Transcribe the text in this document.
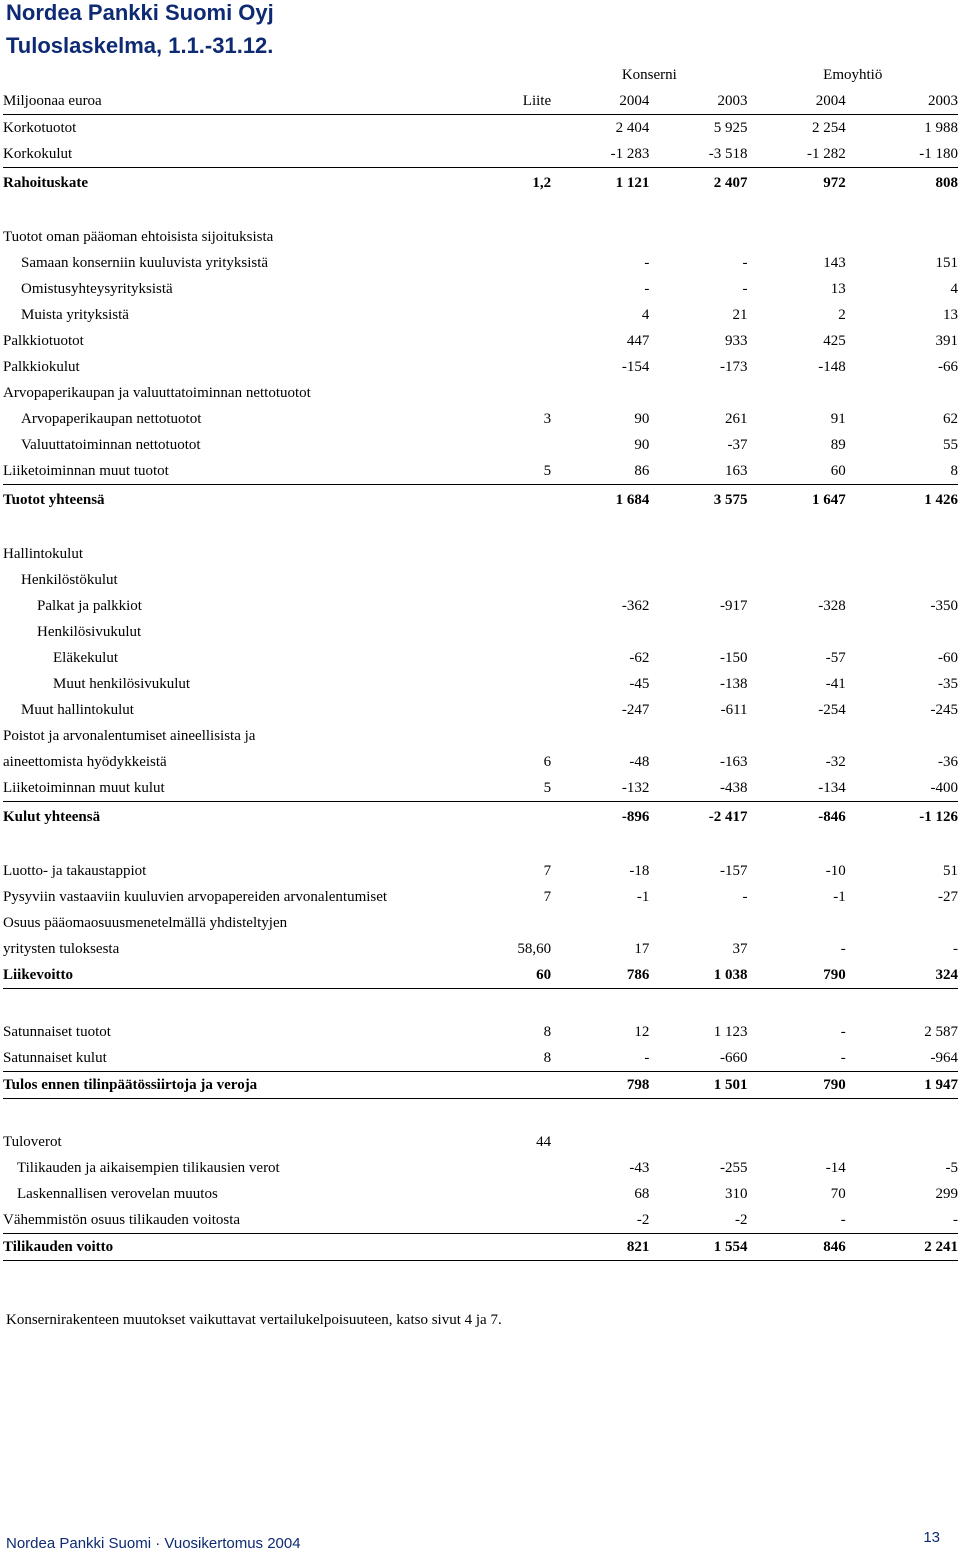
Nordea Pankki Suomi Oyj
Tuloslaskelma, 1.1.-31.12.
		Konserni		Emoyhtiö	
Miljoonaa euroa	Liite	2004	2003	2004	2003
Korkotuotot		2 404	5 925	2 254	1 988
Korkokulut		-1 283	-3 518	-1 282	-1 180
Rahoituskate	1,2	1 121	2 407	972	808

Tuotot oman pääoman ehtoisista sijoituksista					
Samaan konserniin kuuluvista yrityksistä		-	-	143	151
Omistusyhteysyrityksistä		-	-	13	4
Muista yrityksistä		4	21	2	13
Palkkiotuotot		447	933	425	391
Palkkiokulut		-154	-173	-148	-66
Arvopaperikaupan ja valuuttatoiminnan nettotuotot					
Arvopaperikaupan nettotuotot	3	90	261	91	62
Valuuttatoiminnan nettotuotot		90	-37	89	55
Liiketoiminnan muut tuotot	5	86	163	60	8
Tuotot yhteensä		1 684	3 575	1 647	1 426

Hallintokulut					
Henkilöstökulut					
Palkat ja palkkiot		-362	-917	-328	-350
Henkilösivukulut					
Eläkekulut		-62	-150	-57	-60
Muut henkilösivukulut		-45	-138	-41	-35
Muut hallintokulut		-247	-611	-254	-245
Poistot ja arvonalentumiset aineellisista ja					
aineettomista hyödykkeistä	6	-48	-163	-32	-36
Liiketoiminnan muut kulut	5	-132	-438	-134	-400
Kulut yhteensä		-896	-2 417	-846	-1 126

Luotto- ja takaustappiot	7	-18	-157	-10	51
Pysyviin vastaaviin kuuluvien arvopapereiden arvonalentumiset	7	-1	-	-1	-27
Osuus pääomaosuusmenetelmällä yhdisteltyjen					
yritysten tuloksesta	58,60	17	37	-	-
Liikevoitto	60	786	1 038	790	324

Satunnaiset tuotot	8	12	1 123	-	2 587
Satunnaiset kulut	8	-	-660	-	-964
Tulos ennen tilinpäätössiirtoja ja veroja		798	1 501	790	1 947

Tuloverot	44				
Tilikauden ja aikaisempien tilikausien verot		-43	-255	-14	-5
Laskennallisen verovelan muutos		68	310	70	299
Vähemmistön osuus tilikauden voitosta		-2	-2	-	-
Tilikauden voitto		821	1 554	846	2 241

Konsernirakenteen muutokset vaikuttavat vertailukelpoisuuteen, katso sivut 4 ja 7.
Nordea Pankki Suomi · Vuosikertomus 2004	13
